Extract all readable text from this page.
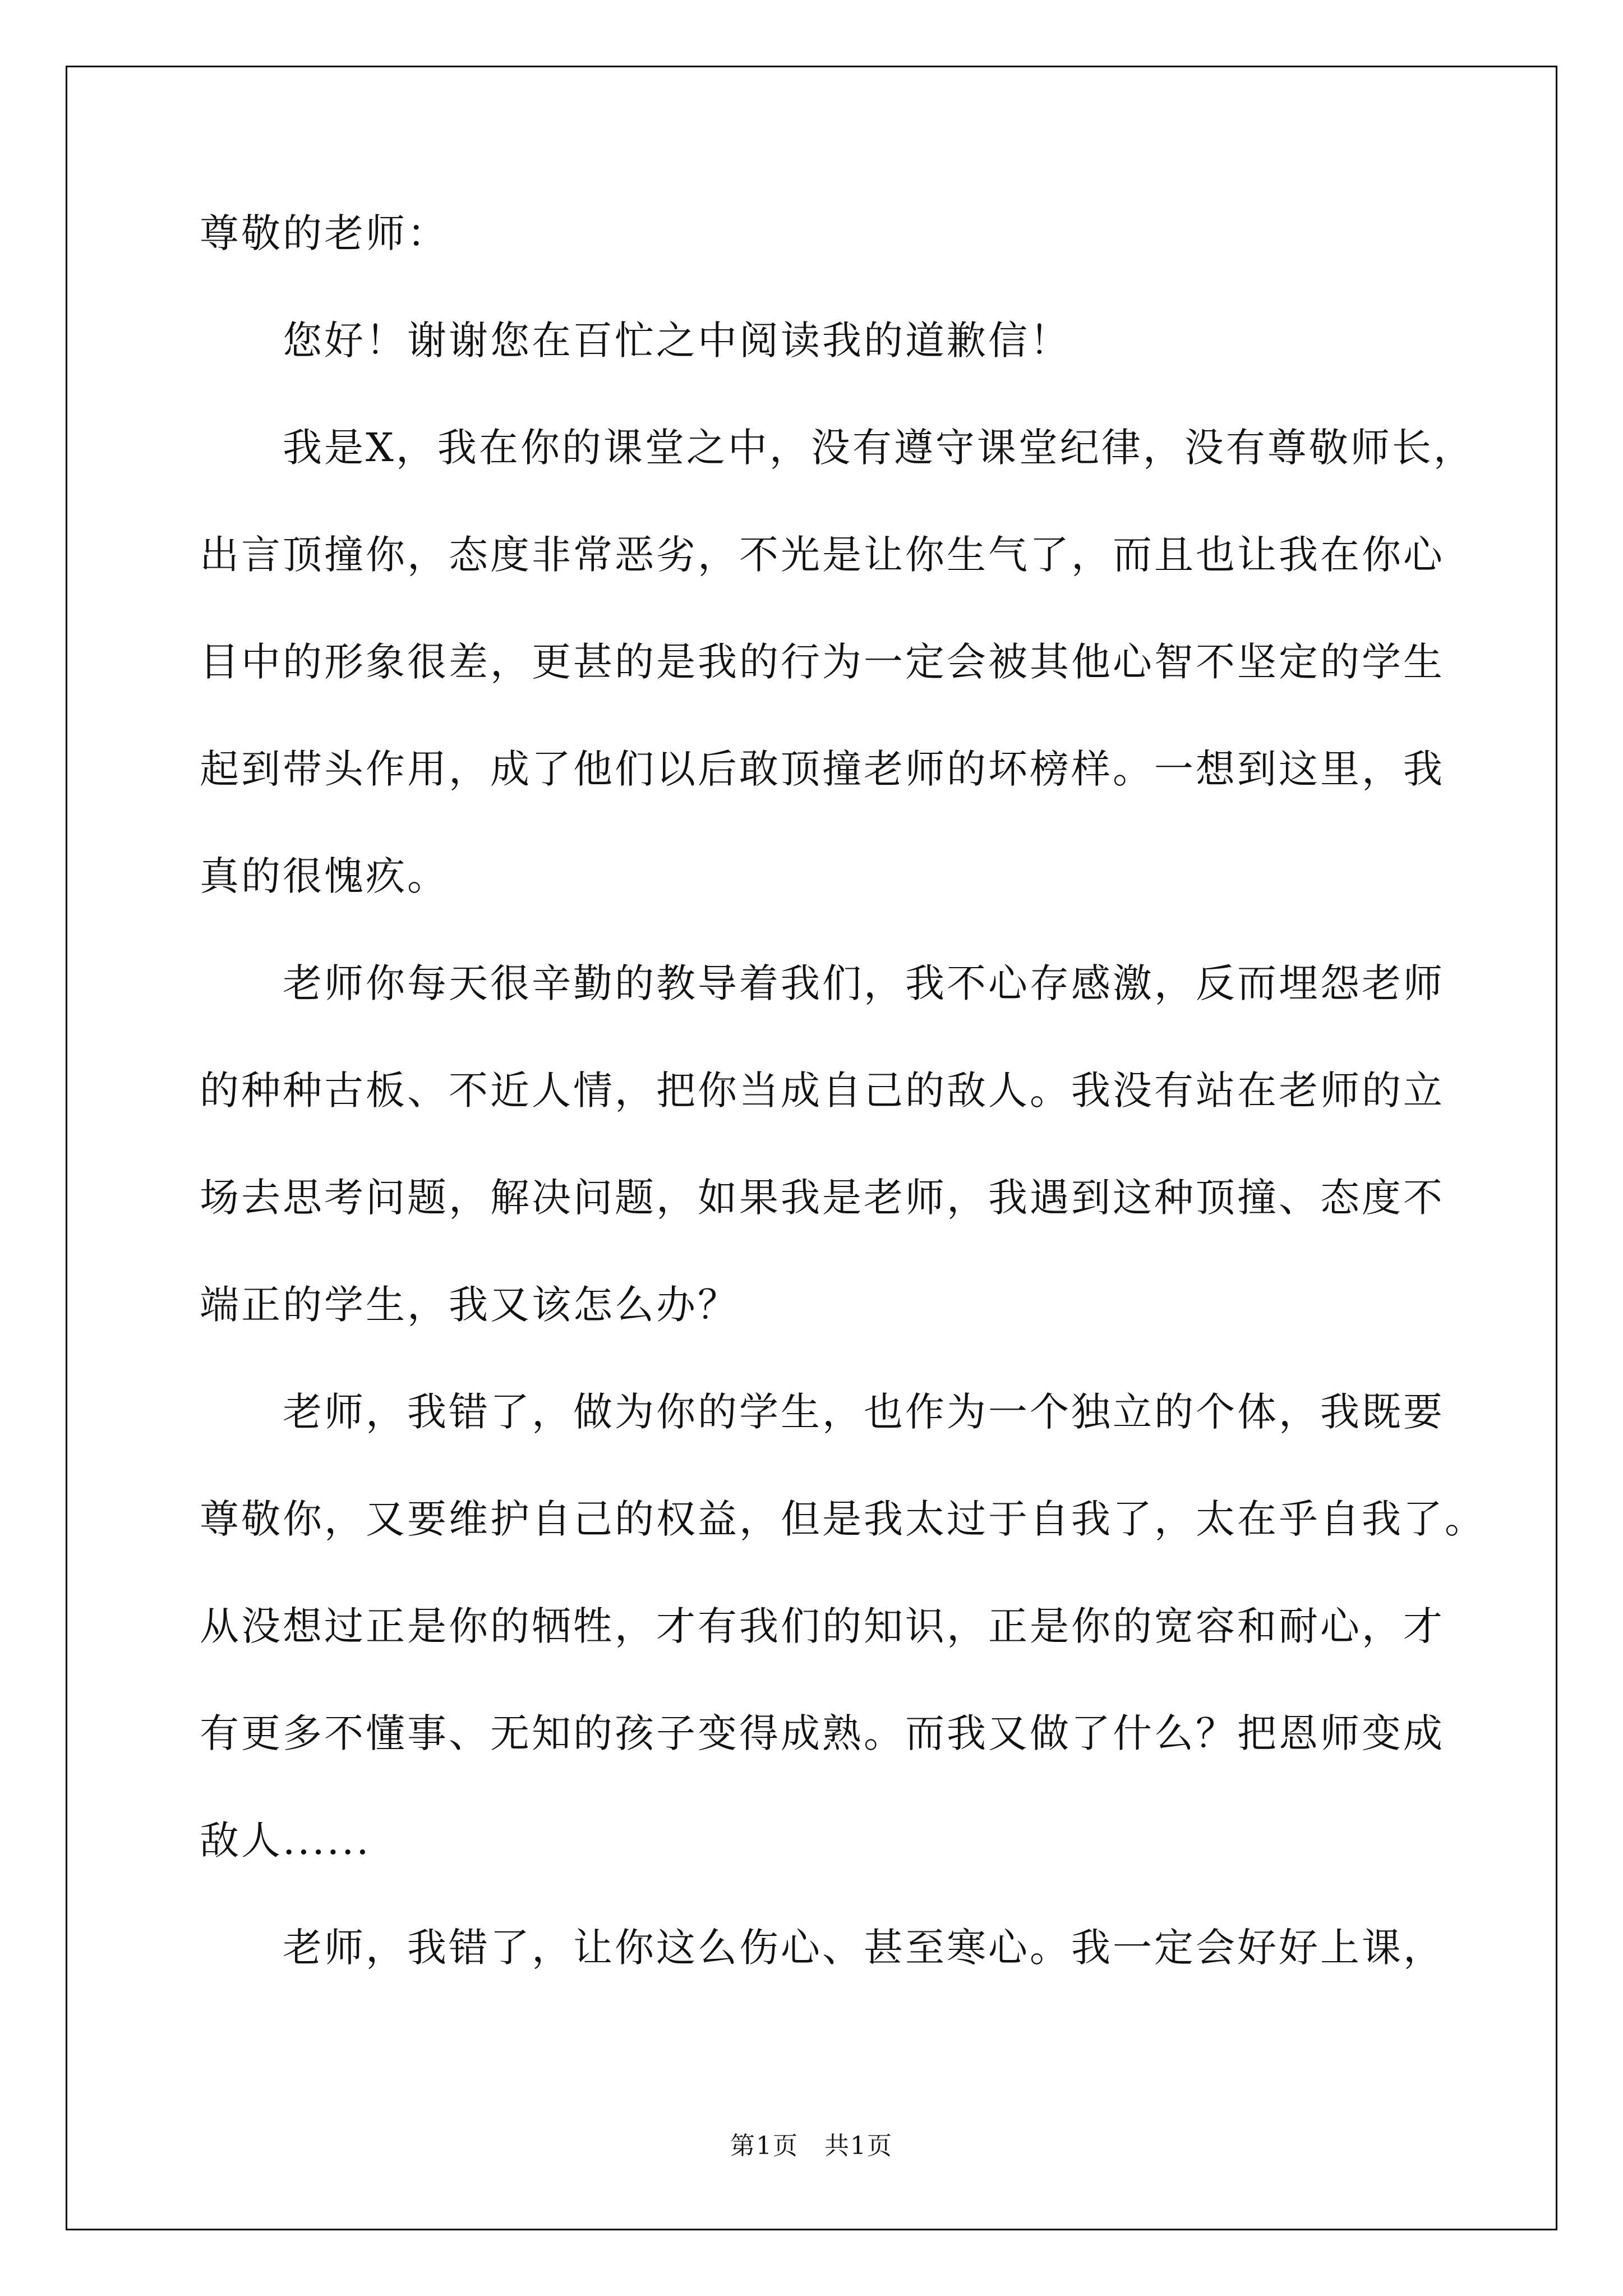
尊敬的老师：
您好！谢谢您在百忙之中阅读我的道歉信！
我是X，我在你的课堂之中，没有遵守课堂纪律，没有尊敬师长，
出言顶撞你，态度非常恶劣，不光是让你生气了，而且也让我在你心
目中的形象很差，更甚的是我的行为一定会被其他心智不坚定的学生
起到带头作用，成了他们以后敢顶撞老师的坏榜样。一想到这里，我
真的很愧疚。
老师你每天很辛勤的教导着我们，我不心存感激，反而埋怨老师
的种种古板、不近人情，把你当成自己的敌人。我没有站在老师的立
场去思考问题，解决问题，如果我是老师，我遇到这种顶撞、态度不
端正的学生，我又该怎么办？
老师，我错了，做为你的学生，也作为一个独立的个体，我既要
尊敬你，又要维护自己的权益，但是我太过于自我了，太在乎自我了。
从没想过正是你的牺牲，才有我们的知识，正是你的宽容和耐心，才
有更多不懂事、无知的孩子变得成熟。而我又做了什么？把恩师变成
敌人......
老师，我错了，让你这么伤心、甚至寒心。我一定会好好上课，
第1页　共1页
